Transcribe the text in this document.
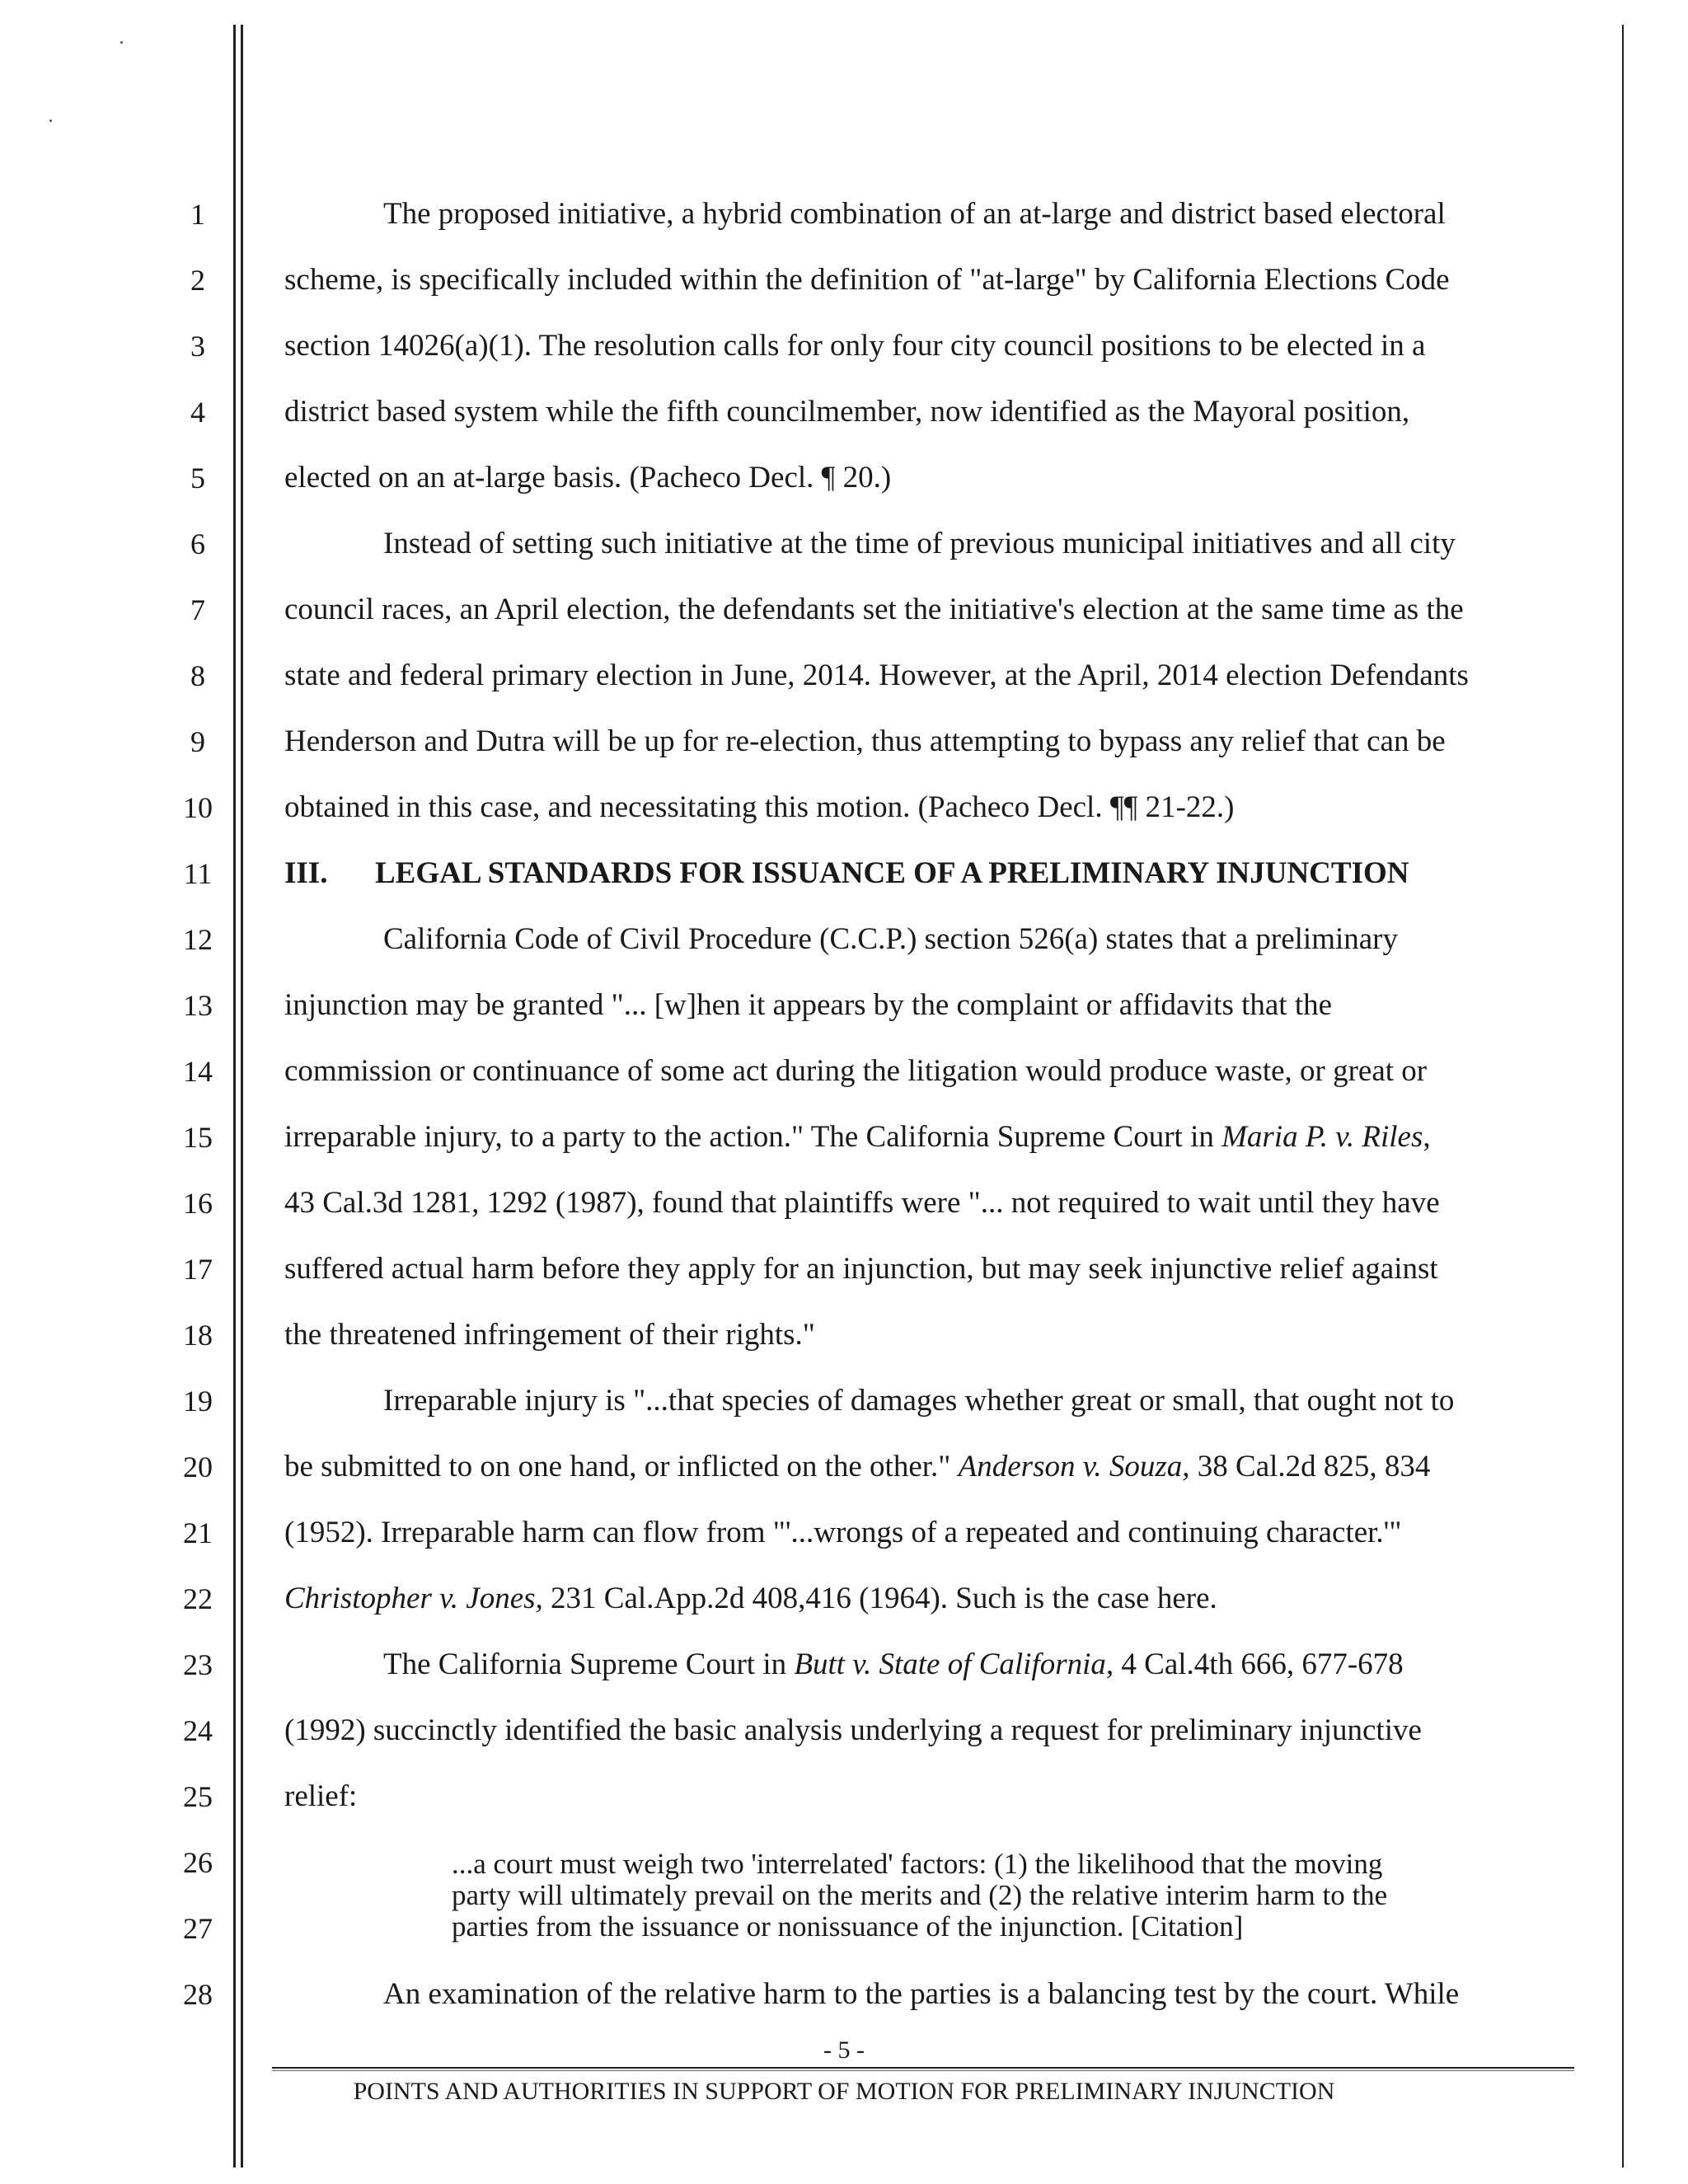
1
2
3
4
5
6
7
8
9
10
11
12
13
14
15
16
17
18
19
20
21
22
23
24
25
26
27
28
The proposed initiative, a hybrid combination of an at-large and district based electoral
scheme, is specifically included within the definition of "at-large" by California Elections Code
section 14026(a)(1). The resolution calls for only four city council positions to be elected in a
district based system while the fifth councilmember, now identified as the Mayoral position,
elected on an at-large basis. (Pacheco Decl. ¶ 20.)
Instead of setting such initiative at the time of previous municipal initiatives and all city
council races, an April election, the defendants set the initiative's election at the same time as the
state and federal primary election in June, 2014. However, at the April, 2014 election Defendants
Henderson and Dutra will be up for re-election, thus attempting to bypass any relief that can be
obtained in this case, and necessitating this motion. (Pacheco Decl. ¶¶ 21-22.)
III. LEGAL STANDARDS FOR ISSUANCE OF A PRELIMINARY INJUNCTION
California Code of Civil Procedure (C.C.P.) section 526(a) states that a preliminary
injunction may be granted "... [w]hen it appears by the complaint or affidavits that the
commission or continuance of some act during the litigation would produce waste, or great or
irreparable injury, to a party to the action." The California Supreme Court in Maria P. v. Riles,
43 Cal.3d 1281, 1292 (1987), found that plaintiffs were "... not required to wait until they have
suffered actual harm before they apply for an injunction, but may seek injunctive relief against
the threatened infringement of their rights."
Irreparable injury is "...that species of damages whether great or small, that ought not to
be submitted to on one hand, or inflicted on the other." Anderson v. Souza, 38 Cal.2d 825, 834
(1952). Irreparable harm can flow from "'...wrongs of a repeated and continuing character.'"
Christopher v. Jones, 231 Cal.App.2d 408,416 (1964). Such is the case here.
The California Supreme Court in Butt v. State of California, 4 Cal.4th 666, 677-678
(1992) succinctly identified the basic analysis underlying a request for preliminary injunctive
relief:
...a court must weigh two 'interrelated' factors: (1) the likelihood that the moving
party will ultimately prevail on the merits and (2) the relative interim harm to the
parties from the issuance or nonissuance of the injunction. [Citation]
An examination of the relative harm to the parties is a balancing test by the court. While
- 5 -
POINTS AND AUTHORITIES IN SUPPORT OF MOTION FOR PRELIMINARY INJUNCTION
